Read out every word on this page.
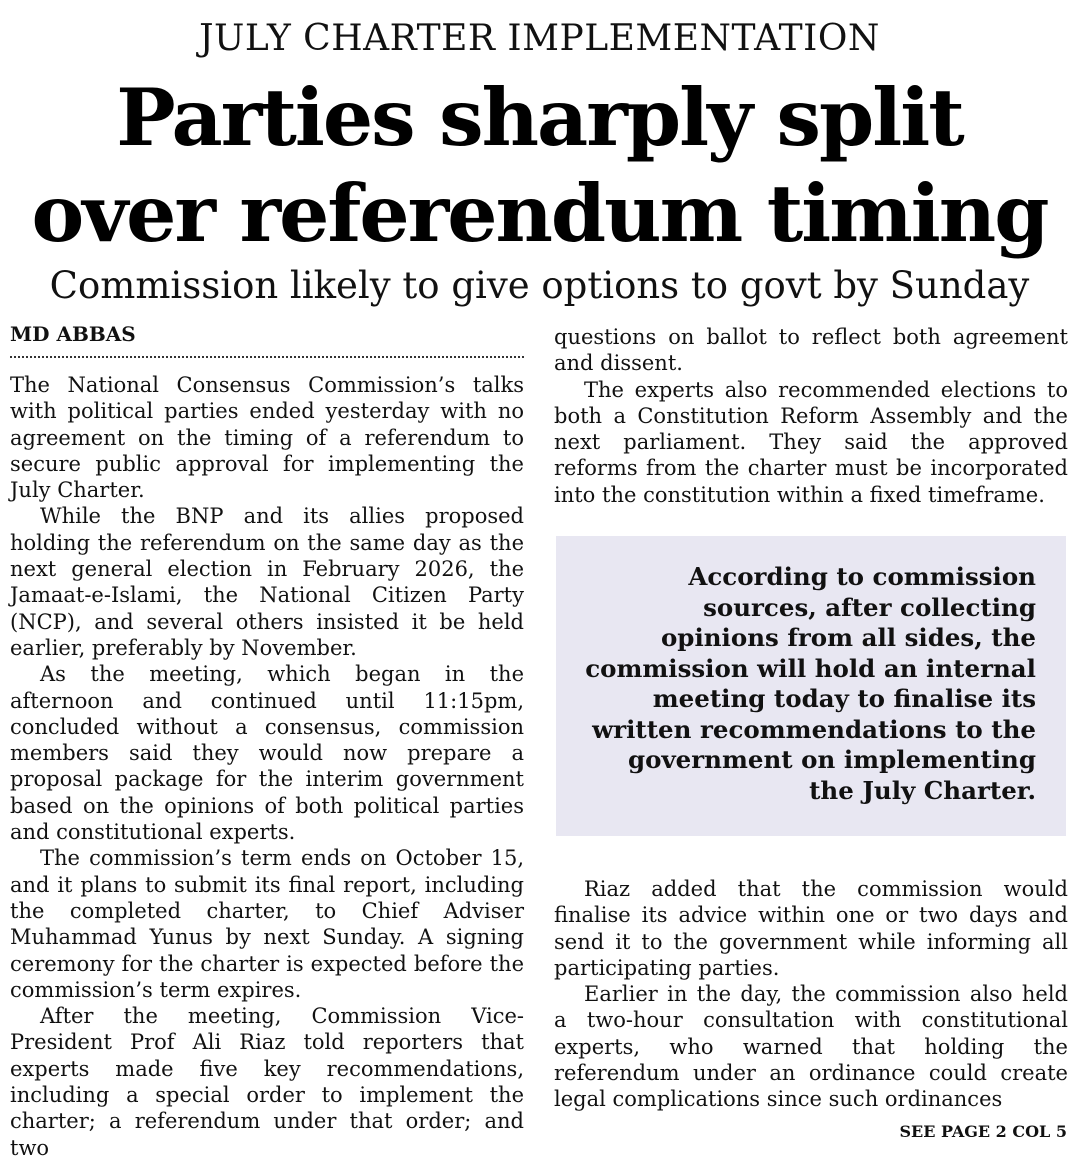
JULY CHARTER IMPLEMENTATION
Parties sharply split
over referendum timing
Commission likely to give options to govt by Sunday
MD ABBAS

The National Consensus Commission’s talks with political parties ended yesterday with no agreement on the timing of a referendum to secure public approval for implementing the July Charter.

While the BNP and its allies proposed holding the referendum on the same day as the next general election in February 2026, the Jamaat-e-Islami, the National Citizen Party (NCP), and several others insisted it be held earlier, preferably by November.

As the meeting, which began in the afternoon and continued until 11:15pm, concluded without a consensus, commission members said they would now prepare a proposal package for the interim government based on the opinions of both political parties and constitutional experts.

The commission’s term ends on October 15, and it plans to submit its final report, including the completed charter, to Chief Adviser Muhammad Yunus by next Sunday. A signing ceremony for the charter is expected before the commission’s term expires.

After the meeting, Commission Vice-President Prof Ali Riaz told reporters that experts made five key recommendations, including a special order to implement the charter; a referendum under that order; and two

questions on ballot to reflect both agreement and dissent.

The experts also recommended elections to both a Constitution Reform Assembly and the next parliament. They said the approved reforms from the charter must be incorporated into the constitution within a fixed timeframe.

According to commission sources, after collecting opinions from all sides, the commission will hold an internal meeting today to finalise its written recommendations to the government on implementing the July Charter.

Riaz added that the commission would finalise its advice within one or two days and send it to the government while informing all participating parties.

Earlier in the day, the commission also held a two-hour consultation with constitutional experts, who warned that holding the referendum under an ordinance could create legal complications since such ordinances

SEE PAGE 2 COL 5
